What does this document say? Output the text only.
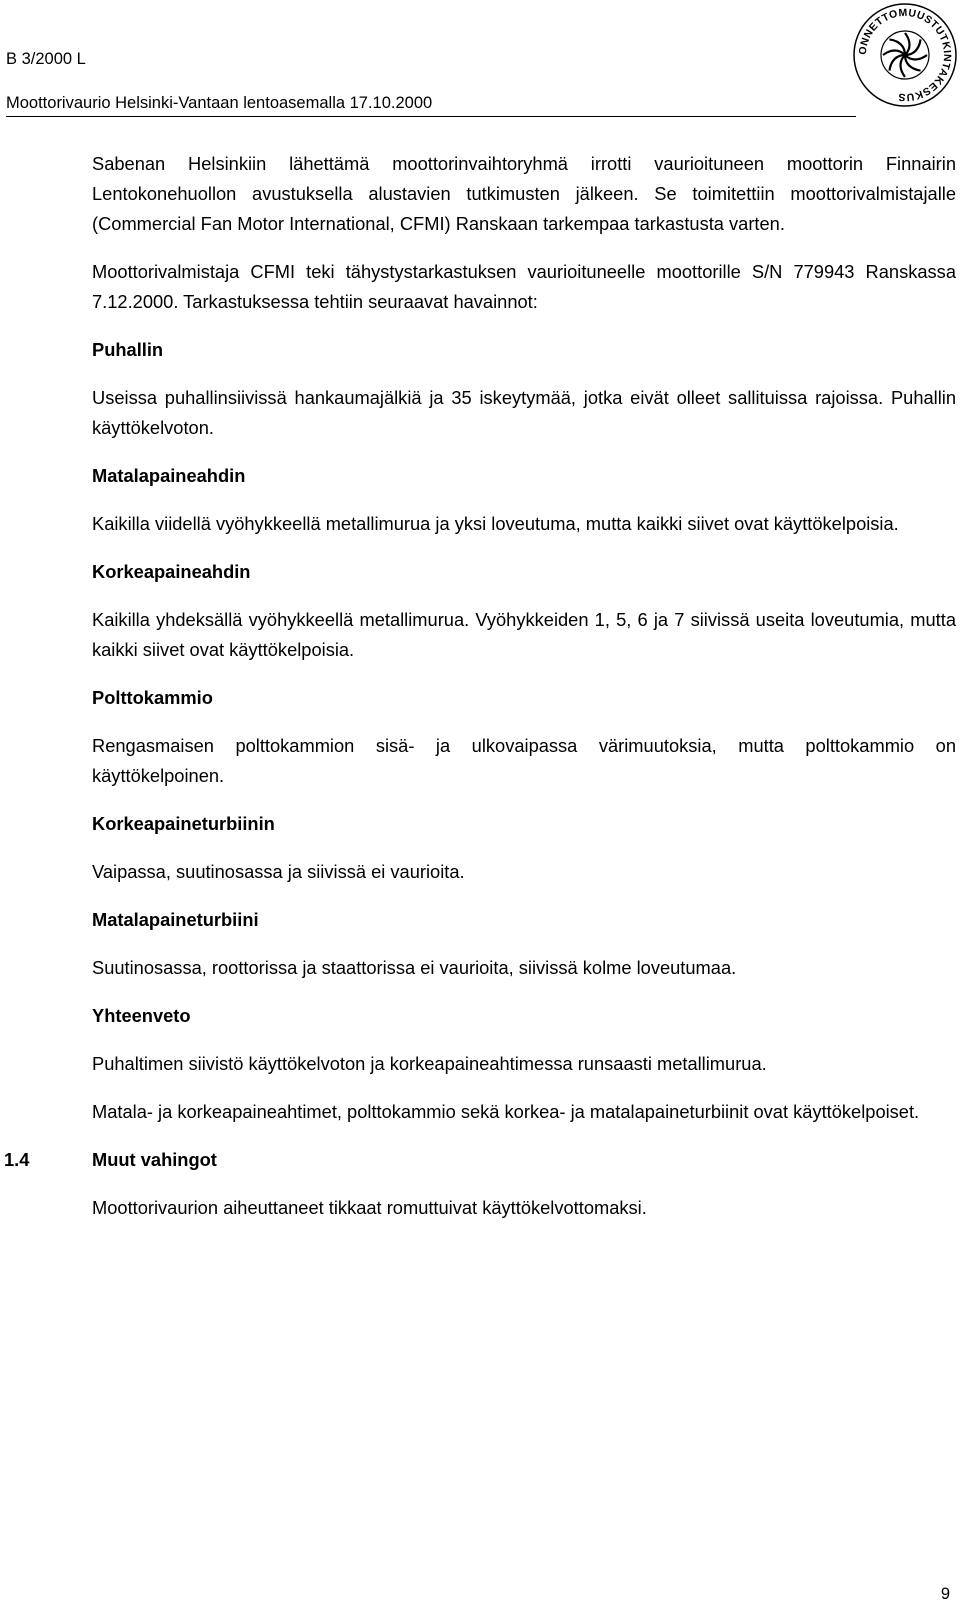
B 3/2000 L
Moottorivaurio Helsinki-Vantaan lentoasemalla 17.10.2000
ONNETTOMUUSTUTKINTAKESKUS

Sabenan Helsinkiin lähettämä moottorinvaihtoryhmä irrotti vaurioituneen moottorin Finnairin Lentokonehuollon avustuksella alustavien tutkimusten jälkeen. Se toimitettiin moottorivalmistajalle (Commercial Fan Motor International, CFMI) Ranskaan tarkempaa tarkastusta varten.

Moottorivalmistaja CFMI teki tähystystarkastuksen vaurioituneelle moottorille S/N 779943 Ranskassa 7.12.2000. Tarkastuksessa tehtiin seuraavat havainnot:

Puhallin

Useissa puhallinsiivissä hankaumajälkiä ja 35 iskeytymää, jotka eivät olleet sallituissa rajoissa. Puhallin käyttökelvoton.

Matalapaineahdin

Kaikilla viidellä vyöhykkeellä metallimurua ja yksi loveutuma, mutta kaikki siivet ovat käyttökelpoisia.

Korkeapaineahdin

Kaikilla yhdeksällä vyöhykkeellä metallimurua. Vyöhykkeiden 1, 5, 6 ja 7 siivissä useita loveutumia, mutta kaikki siivet ovat käyttökelpoisia.

Polttokammio

Rengasmaisen polttokammion sisä- ja ulkovaipassa värimuutoksia, mutta polttokammio on käyttökelpoinen.

Korkeapaineturbiinin

Vaipassa, suutinosassa ja siivissä ei vaurioita.

Matalapaineturbiini

Suutinosassa, roottorissa ja staattorissa ei vaurioita, siivissä kolme loveutumaa.

Yhteenveto

Puhaltimen siivistö käyttökelvoton ja korkeapaineahtimessa runsaasti metallimurua.

Matala- ja korkeapaineahtimet, polttokammio sekä korkea- ja matalapaineturbiinit ovat käyttökelpoiset.

1.4	Muut vahingot

Moottorivaurion aiheuttaneet tikkaat romuttuivat käyttökelvottomaksi.

9
